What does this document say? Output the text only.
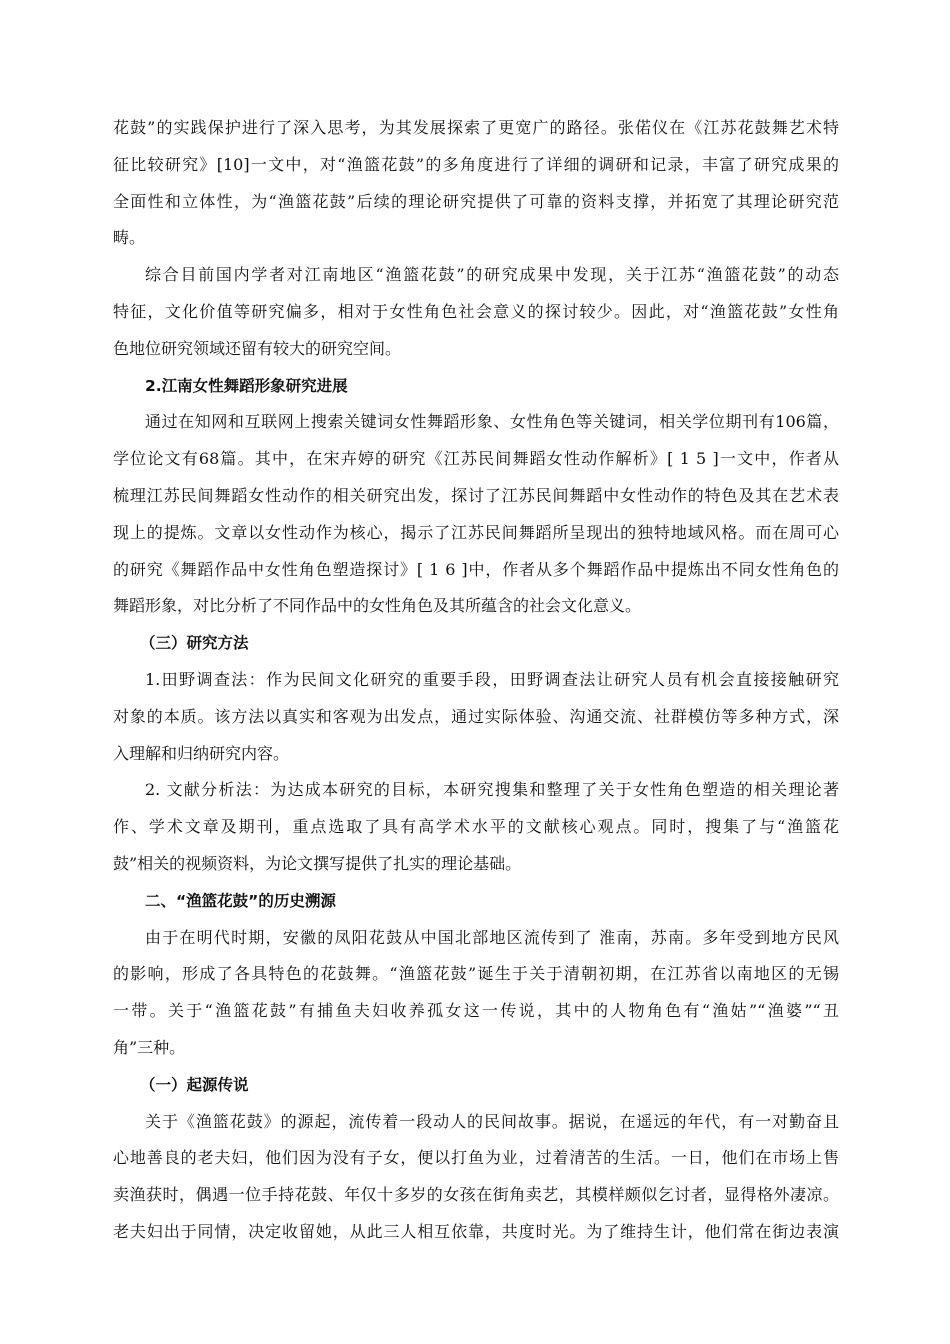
花鼓”的实践保护进行了深入思考，为其发展探索了更宽广的路径。张偌仪在《江苏花鼓舞艺术特
征比较研究》[10]一文中，对“渔篮花鼓”的多角度进行了详细的调研和记录，丰富了研究成果的
全面性和立体性，为“渔篮花鼓”后续的理论研究提供了可靠的资料支撑，并拓宽了其理论研究范
畴。
综合目前国内学者对江南地区“渔篮花鼓”的研究成果中发现，关于江苏“渔篮花鼓”的动态
特征，文化价值等研究偏多，相对于女性角色社会意义的探讨较少。因此，对“渔篮花鼓”女性角
色地位研究领域还留有较大的研究空间。
2.江南女性舞蹈形象研究进展
通过在知网和互联网上搜索关键词女性舞蹈形象、女性角色等关键词，相关学位期刊有106篇，
学位论文有68篇。其中，在宋卉婷的研究《江苏民间舞蹈女性动作解析》[ 1 5 ]一文中，作者从
梳理江苏民间舞蹈女性动作的相关研究出发，探讨了江苏民间舞蹈中女性动作的特色及其在艺术表
现上的提炼。文章以女性动作为核心，揭示了江苏民间舞蹈所呈现出的独特地域风格。而在周可心
的研究《舞蹈作品中女性角色塑造探讨》[ 1 6 ]中，作者从多个舞蹈作品中提炼出不同女性角色的
舞蹈形象，对比分析了不同作品中的女性角色及其所蕴含的社会文化意义。
（三）研究方法
1.田野调查法：作为民间文化研究的重要手段，田野调查法让研究人员有机会直接接触研究
对象的本质。该方法以真实和客观为出发点，通过实际体验、沟通交流、社群模仿等多种方式，深
入理解和归纳研究内容。
2. 文献分析法：为达成本研究的目标，本研究搜集和整理了关于女性角色塑造的相关理论著
作、学术文章及期刊，重点选取了具有高学术水平的文献核心观点。同时，搜集了与“渔篮花
鼓”相关的视频资料，为论文撰写提供了扎实的理论基础。
二、“渔篮花鼓”的历史溯源
由于在明代时期，安徽的凤阳花鼓从中国北部地区流传到了 淮南，苏南。多年受到地方民风
的影响，形成了各具特色的花鼓舞。“渔篮花鼓”诞生于关于清朝初期，在江苏省以南地区的无锡
一带。关于“渔篮花鼓”有捕鱼夫妇收养孤女这一传说，其中的人物角色有“渔姑”“渔婆”“丑
角”三种。
（一）起源传说
关于《渔篮花鼓》的源起，流传着一段动人的民间故事。据说，在遥远的年代，有一对勤奋且
心地善良的老夫妇，他们因为没有子女，便以打鱼为业，过着清苦的生活。一日，他们在市场上售
卖渔获时，偶遇一位手持花鼓、年仅十多岁的女孩在街角卖艺，其模样颇似乞讨者，显得格外凄凉。
老夫妇出于同情，决定收留她，从此三人相互依靠，共度时光。为了维持生计，他们常在街边表演
